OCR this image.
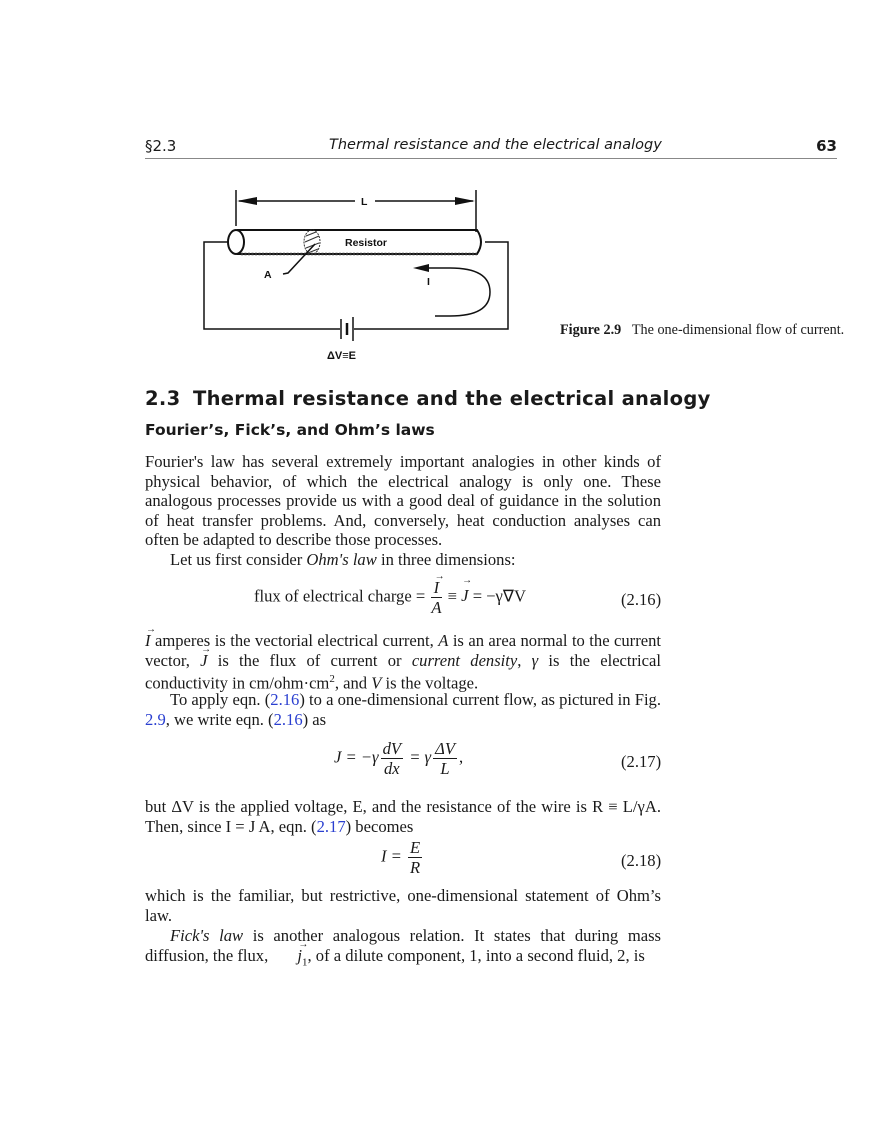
§2.3	Thermal resistance and the electrical analogy	63
Resistor
A
L
ΔV≡E
I
Figure 2.9 The one-dimensional flow of current.
2.3 Thermal resistance and the electrical analogy
Fourier’s, Fick’s, and Ohm’s laws
Fourier's law has several extremely important analogies in other kinds of physical behavior, of which the electrical analogy is only one. These analogous processes provide us with a good deal of guidance in the solution of heat transfer problems. And, conversely, heat conduction analyses can often be adapted to describe those processes.
Let us first consider Ohm's law in three dimensions:
flux of electrical charge = → $\frac{I}{A}$ ≡ → J = −γ∇V	(2.16)
→ I amperes is the vectorial electrical current, A is an area normal to the current vector, → J is the flux of current or current density, γ is the electrical conductivity in $cm/ohm\cdot cm^2$, and V is the voltage.
To apply eqn. (2.16) to a one-dimensional current flow, as pictured in Fig. 2.9, we write eqn. (2.16) as
$J = -\gamma \frac{dV}{dx} = \gamma \frac{\Delta V}{L}$ ,	(2.17)
but ΔV is the applied voltage, E, and the resistance of the wire is R ≡ L/γA. Then, since I = J A, eqn. (2.17) becomes
$I = \frac{E}{R}$	(2.18)
which is the familiar, but restrictive, one-dimensional statement of Ohm’s law.
Fick's law is another analogous relation. It states that during mass diffusion, the flux, → $j_1$, of a dilute component, 1, into a second fluid, 2, is
